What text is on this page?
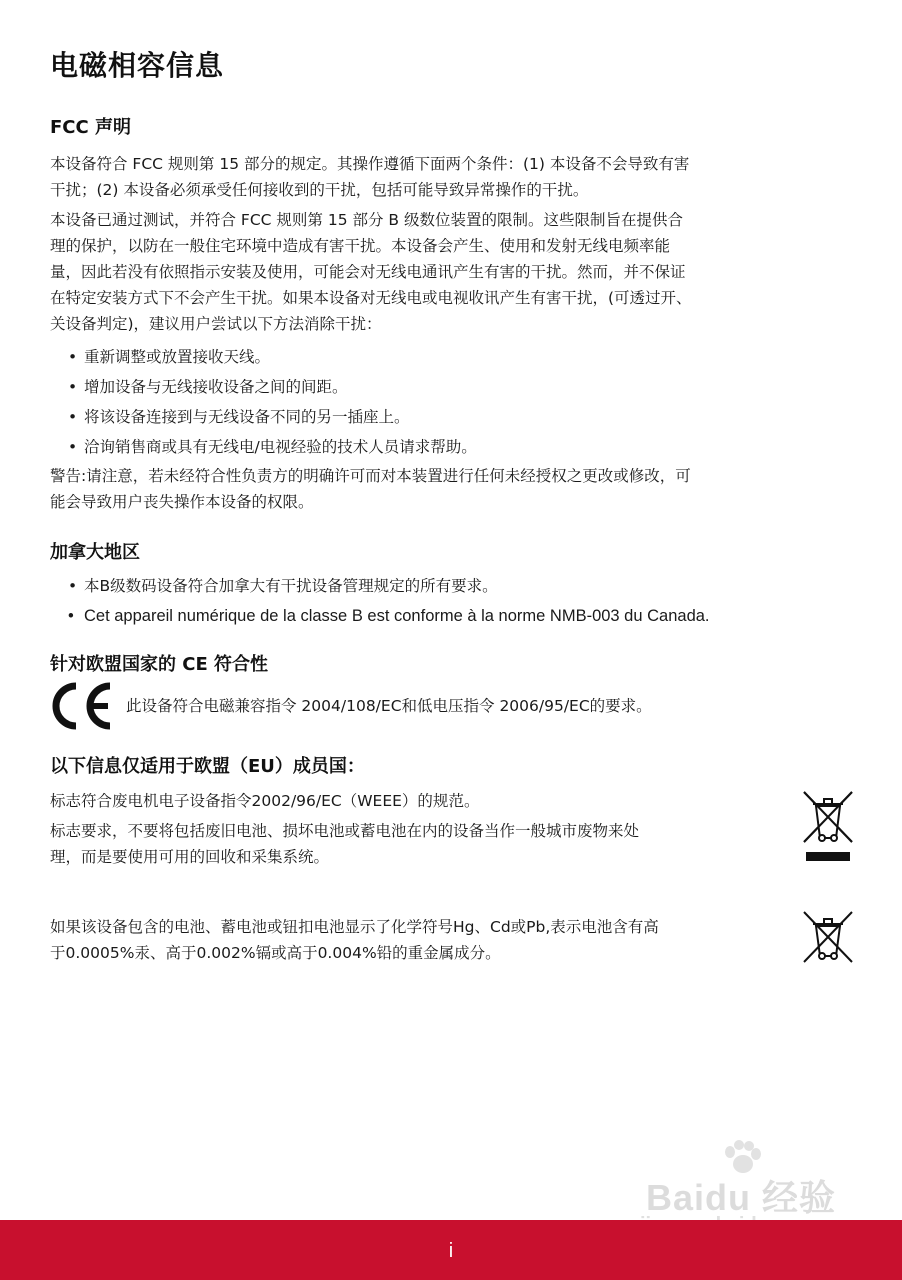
电磁相容信息
FCC 声明

本设备符合 FCC 规则第 15 部分的规定。其操作遵循下面两个条件：(1) 本设备不会导致有害
干扰；(2) 本设备必须承受任何接收到的干扰，包括可能导致异常操作的干扰。

本设备已通过测试，并符合 FCC 规则第 15 部分 B 级数位装置的限制。这些限制旨在提供合
理的保护，以防在一般住宅环境中造成有害干扰。本设备会产生、使用和发射无线电频率能
量，因此若没有依照指示安装及使用，可能会对无线电通讯产生有害的干扰。然而，并不保证
在特定安装方式下不会产生干扰。如果本设备对无线电或电视收讯产生有害干扰，(可透过开、
关设备判定)，建议用户尝试以下方法消除干扰：

• 重新调整或放置接收天线。
• 增加设备与无线接收设备之间的间距。
• 将该设备连接到与无线设备不同的另一插座上。
• 洽询销售商或具有无线电/电视经验的技术人员请求帮助。

警告:请注意，若未经符合性负责方的明确许可而对本装置进行任何未经授权之更改或修改，可
能会导致用户丧失操作本设备的权限。

加拿大地区
• 本B级数码设备符合加拿大有干扰设备管理规定的所有要求。
• Cet appareil numérique de la classe B est conforme à la norme NMB-003 du Canada.
针对欧盟国家的 CE 符合性

此设备符合电磁兼容指令 2004/108/EC和低电压指令 2006/95/EC的要求。

以下信息仅适用于欧盟（EU）成员国：

标志符合废电机电子设备指令2002/96/EC（WEEE）的规范。

标志要求，不要将包括废旧电池、损坏电池或蓄电池在内的设备当作一般城市废物来处
理，而是要使用可用的回收和采集系统。

如果该设备包含的电池、蓄电池或钮扣电池显示了化学符号Hg、Cd或Pb,表示电池含有高
于0.0005%汞、高于0.002%镉或高于0.004%铅的重金属成分。

Baidu 经验
i
